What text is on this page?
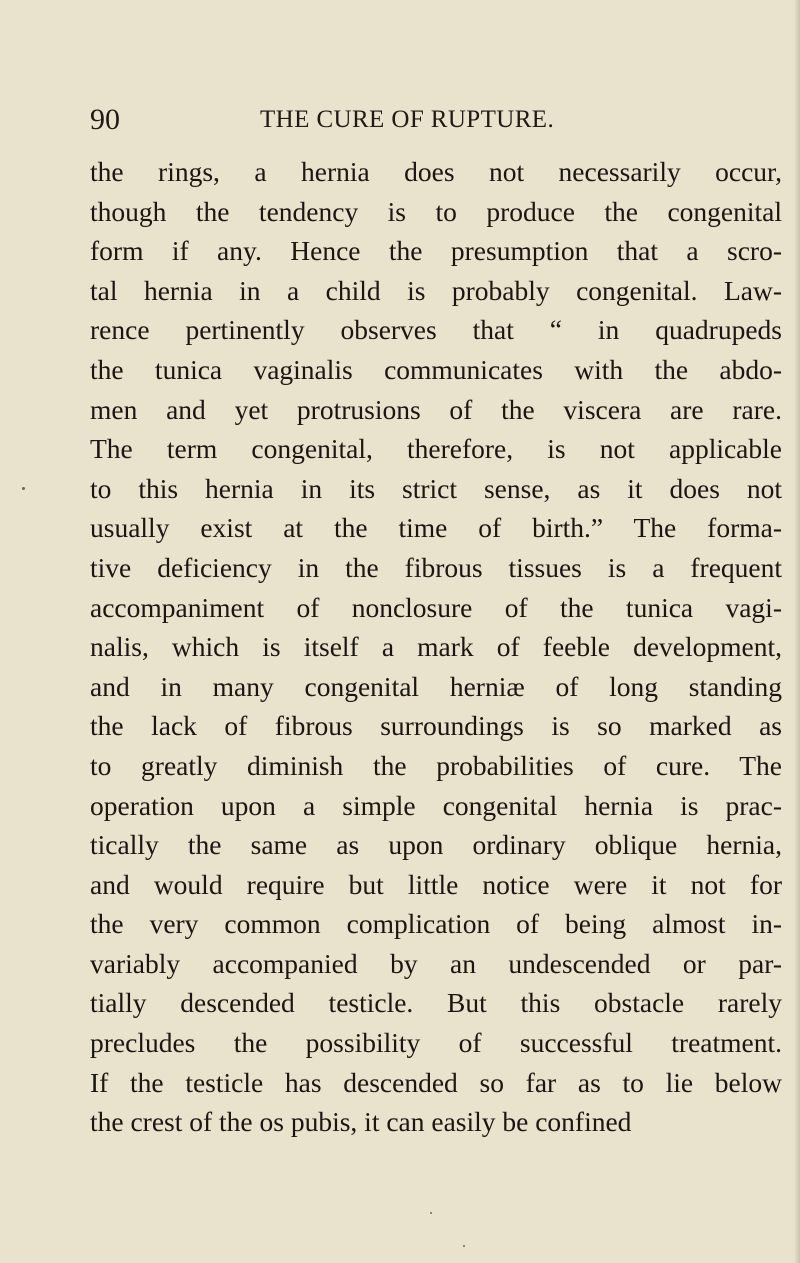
90	THE CURE OF RUPTURE.
the rings, a hernia does not necessarily occur,
though the tendency is to produce the congenital
form if any. Hence the presumption that a scro-
tal hernia in a child is probably congenital. Law-
rence pertinently observes that “ in quadrupeds
the tunica vaginalis communicates with the abdo-
men and yet protrusions of the viscera are rare.
The term congenital, therefore, is not applicable
to this hernia in its strict sense, as it does not
usually exist at the time of birth.” The forma-
tive deficiency in the fibrous tissues is a frequent
accompaniment of nonclosure of the tunica vagi-
nalis, which is itself a mark of feeble development,
and in many congenital herniæ of long standing
the lack of fibrous surroundings is so marked as
to greatly diminish the probabilities of cure. The
operation upon a simple congenital hernia is prac-
tically the same as upon ordinary oblique hernia,
and would require but little notice were it not for
the very common complication of being almost in-
variably accompanied by an undescended or par-
tially descended testicle. But this obstacle rarely
precludes the possibility of successful treatment.
If the testicle has descended so far as to lie below
the crest of the os pubis, it can easily be confined
